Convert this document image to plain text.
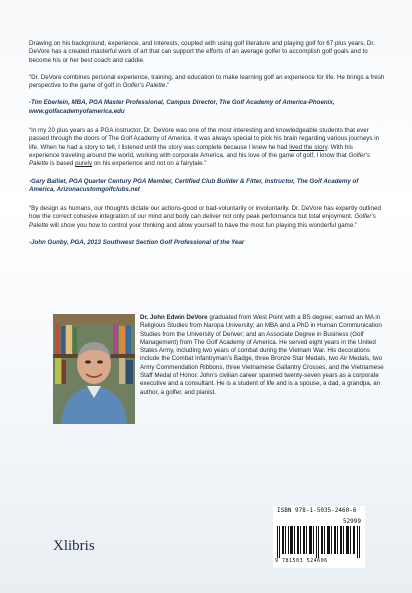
Drawing on his background, experience, and interests, coupled with using golf literature and playing golf for 67 plus years, Dr. DeVore has a created masterful work of art that can support the efforts of an average golfer to accomplish golf goals and to become his or her best coach and caddie.

“Dr. DeVore combines personal experience, training, and education to make learning golf an experience for life. He brings a fresh perspective to the game of golf in Golfer’s Palette.”

-Tim Eberlein, MBA, PGA Master Professional, Campus Director, The Golf Academy of America-Phoenix, www.golfacademyofamerica.edu

“In my 20 plus years as a PGA instructor, Dr. DeVore was one of the most interesting and knowledgeable students that ever passed through the doors of The Golf Academy of America. It was always special to pick his brain regarding various journeys in life. When he had a story to tell, I listened until the story was complete because I knew he had lived the story. With his experience traveling around the world, working with corporate America, and his love of the game of golf, I know that Golfer’s Palette is based purely on his experience and not on a fairytale.”

-Gary Balliet, PGA Quarter Century PGA Member, Certified Club Builder & Fitter, Instructor, The Golf Academy of America, Arizonacustomgolfclubs.net

“By design as humans, our thoughts dictate our actions-good or bad-voluntarily or involuntarily. Dr. DeVore has expertly outlined how the correct cohesive integration of our mind and body can deliver not only peak performance but total enjoyment. Golfer’s Palette will show you how to control your thinking and allow yourself to have the most fun playing this wonderful game.”

-John Gunby, PGA, 2013 Southwest Section Golf Professional of the Year

Dr. John Edwin DeVore graduated from West Point with a BS degree; earned an MA in Religious Studies from Naropa University; an MBA and a PhD in Human Communication Studies from the University of Denver; and an Associate Degree in Business (Golf Management) from The Golf Academy of America. He served eight years in the United States Army, including two years of combat during the Vietnam War. His decorations include the Combat Infantryman’s Badge, three Bronze Star Medals, two Air Medals, two Army Commendation Ribbons, three Vietnamese Gallantry Crosses, and the Vietnamese Staff Medal of Honor. John’s civilian career spanned twenty-seven years as a corporate executive and a consultant. He is a student of life and is a spouse, a dad, a grandpa, an author, a golfer, and pianist.
ISBN 978-1-5035-2460-6
52999
9 781503 524606
Xlibris
